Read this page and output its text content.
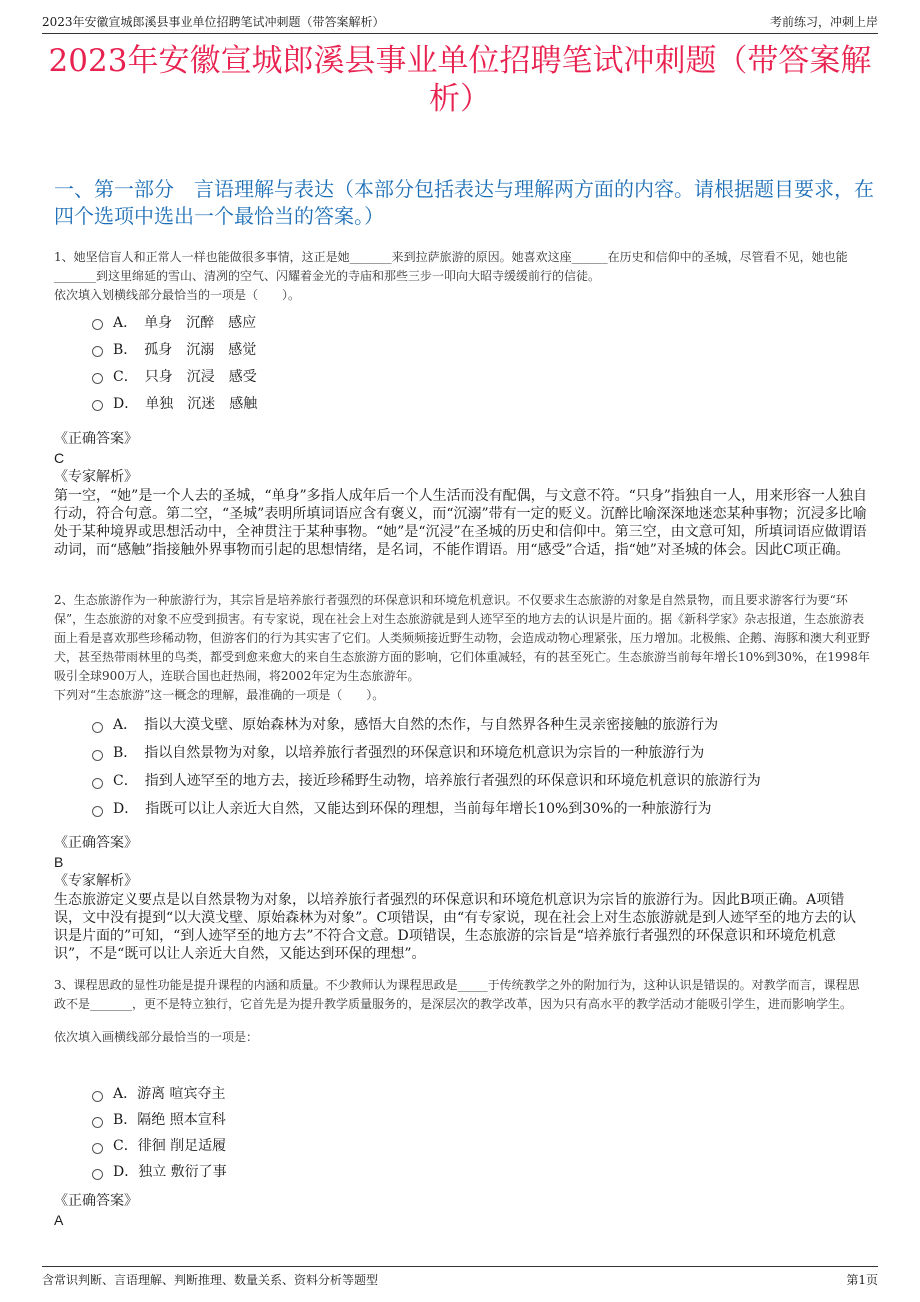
2023年安徽宣城郎溪县事业单位招聘笔试冲刺题（带答案解析）	考前练习，冲刺上岸
2023年安徽宣城郎溪县事业单位招聘笔试冲刺题（带答案解析）
一、第一部分　言语理解与表达（本部分包括表达与理解两方面的内容。请根据题目要求，在四个选项中选出一个最恰当的答案。）

1、她坚信盲人和正常人一样也能做很多事情，这正是她_______来到拉萨旅游的原因。她喜欢这座______在历史和信仰中的圣城，尽管看不见，她也能_______到这里绵延的雪山、清冽的空气、闪耀着金光的寺庙和那些三步一叩向大昭寺缓缓前行的信徒。

依次填入划横线部分最恰当的一项是（　　）。

A．　单身　沉醉　感应
B．　孤身　沉溺　感觉
C．　只身　沉浸　感受
D．　单独　沉迷　感触

《正确答案》

C

《专家解析》

第一空，“她”是一个人去的圣城，“单身”多指人成年后一个人生活而没有配偶，与文意不符。“只身”指独自一人，用来形容一人独自行动，符合句意。第二空，“圣城”表明所填词语应含有褒义，而“沉溺”带有一定的贬义。沉醉比喻深深地迷恋某种事物；沉浸多比喻处于某种境界或思想活动中，全神贯注于某种事物。“她”是“沉浸”在圣城的历史和信仰中。第三空，由文意可知，所填词语应做谓语动词，而“感触”指接触外界事物而引起的思想情绪，是名词，不能作谓语。用“感受”合适，指“她”对圣城的体会。因此C项正确。

2、生态旅游作为一种旅游行为，其宗旨是培养旅行者强烈的环保意识和环境危机意识。不仅要求生态旅游的对象是自然景物，而且要求游客行为要“环保”，生态旅游的对象不应受到损害。有专家说，现在社会上对生态旅游就是到人迹罕至的地方去的认识是片面的。据《新科学家》杂志报道，生态旅游表面上看是喜欢那些珍稀动物，但游客们的行为其实害了它们。人类频频接近野生动物，会造成动物心理紧张，压力增加。北极熊、企鹅、海豚和澳大利亚野犬，甚至热带雨林里的鸟类，都受到愈来愈大的来自生态旅游方面的影响，它们体重减轻，有的甚至死亡。生态旅游当前每年增长10%到30%，在1998年吸引全球900万人，连联合国也赶热闹，将2002年定为生态旅游年。

下列对“生态旅游”这一概念的理解，最准确的一项是（　　）。

A．　指以大漠戈壁、原始森林为对象，感悟大自然的杰作，与自然界各种生灵亲密接触的旅游行为
B．　指以自然景物为对象，以培养旅行者强烈的环保意识和环境危机意识为宗旨的一种旅游行为
C．　指到人迹罕至的地方去，接近珍稀野生动物，培养旅行者强烈的环保意识和环境危机意识的旅游行为
D．　指既可以让人亲近大自然，又能达到环保的理想，当前每年增长10%到30%的一种旅游行为

《正确答案》

B

《专家解析》

生态旅游定义要点是以自然景物为对象，以培养旅行者强烈的环保意识和环境危机意识为宗旨的旅游行为。因此B项正确。A项错误，文中没有提到“以大漠戈壁、原始森林为对象”。C项错误，由“有专家说，现在社会上对生态旅游就是到人迹罕至的地方去的认识是片面的”可知，“到人迹罕至的地方去”不符合文意。D项错误，生态旅游的宗旨是“培养旅行者强烈的环保意识和环境危机意识”，不是“既可以让人亲近大自然，又能达到环保的理想”。

3、课程思政的显性功能是提升课程的内涵和质量。不少教师认为课程思政是_____于传统教学之外的附加行为，这种认识是错误的。对教学而言，课程思政不是_______，更不是特立独行，它首先是为提升教学质量服务的，是深层次的教学改革，因为只有高水平的教学活动才能吸引学生，进而影响学生。

依次填入画横线部分最恰当的一项是：

A．游离 喧宾夺主
B．隔绝 照本宣科
C．徘徊 削足适履
D．独立 敷衍了事

《正确答案》

A

含常识判断、言语理解、判断推理、数量关系、资料分析等题型	第1页
